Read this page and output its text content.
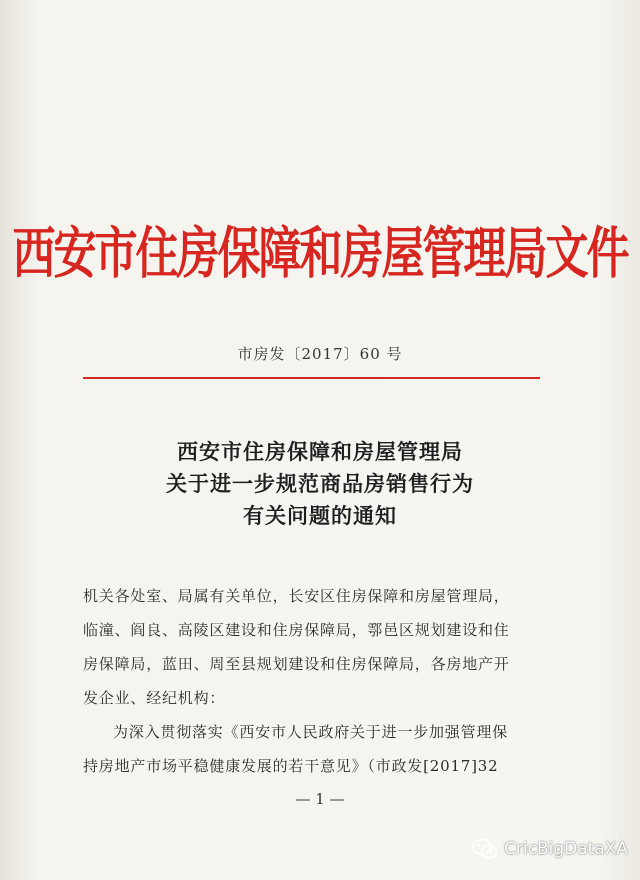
西安市住房保障和房屋管理局文件
市房发〔2017〕60 号
西安市住房保障和房屋管理局
关于进一步规范商品房销售行为
有关问题的通知
机关各处室、局属有关单位，长安区住房保障和房屋管理局，
临潼、阎良、高陵区建设和住房保障局，鄠邑区规划建设和住
房保障局，蓝田、周至县规划建设和住房保障局，各房地产开
发企业、经纪机构：
为深入贯彻落实《西安市人民政府关于进一步加强管理保
持房地产市场平稳健康发展的若干意见》（市政发[2017]32
— 1 —
CricBigDataXA
